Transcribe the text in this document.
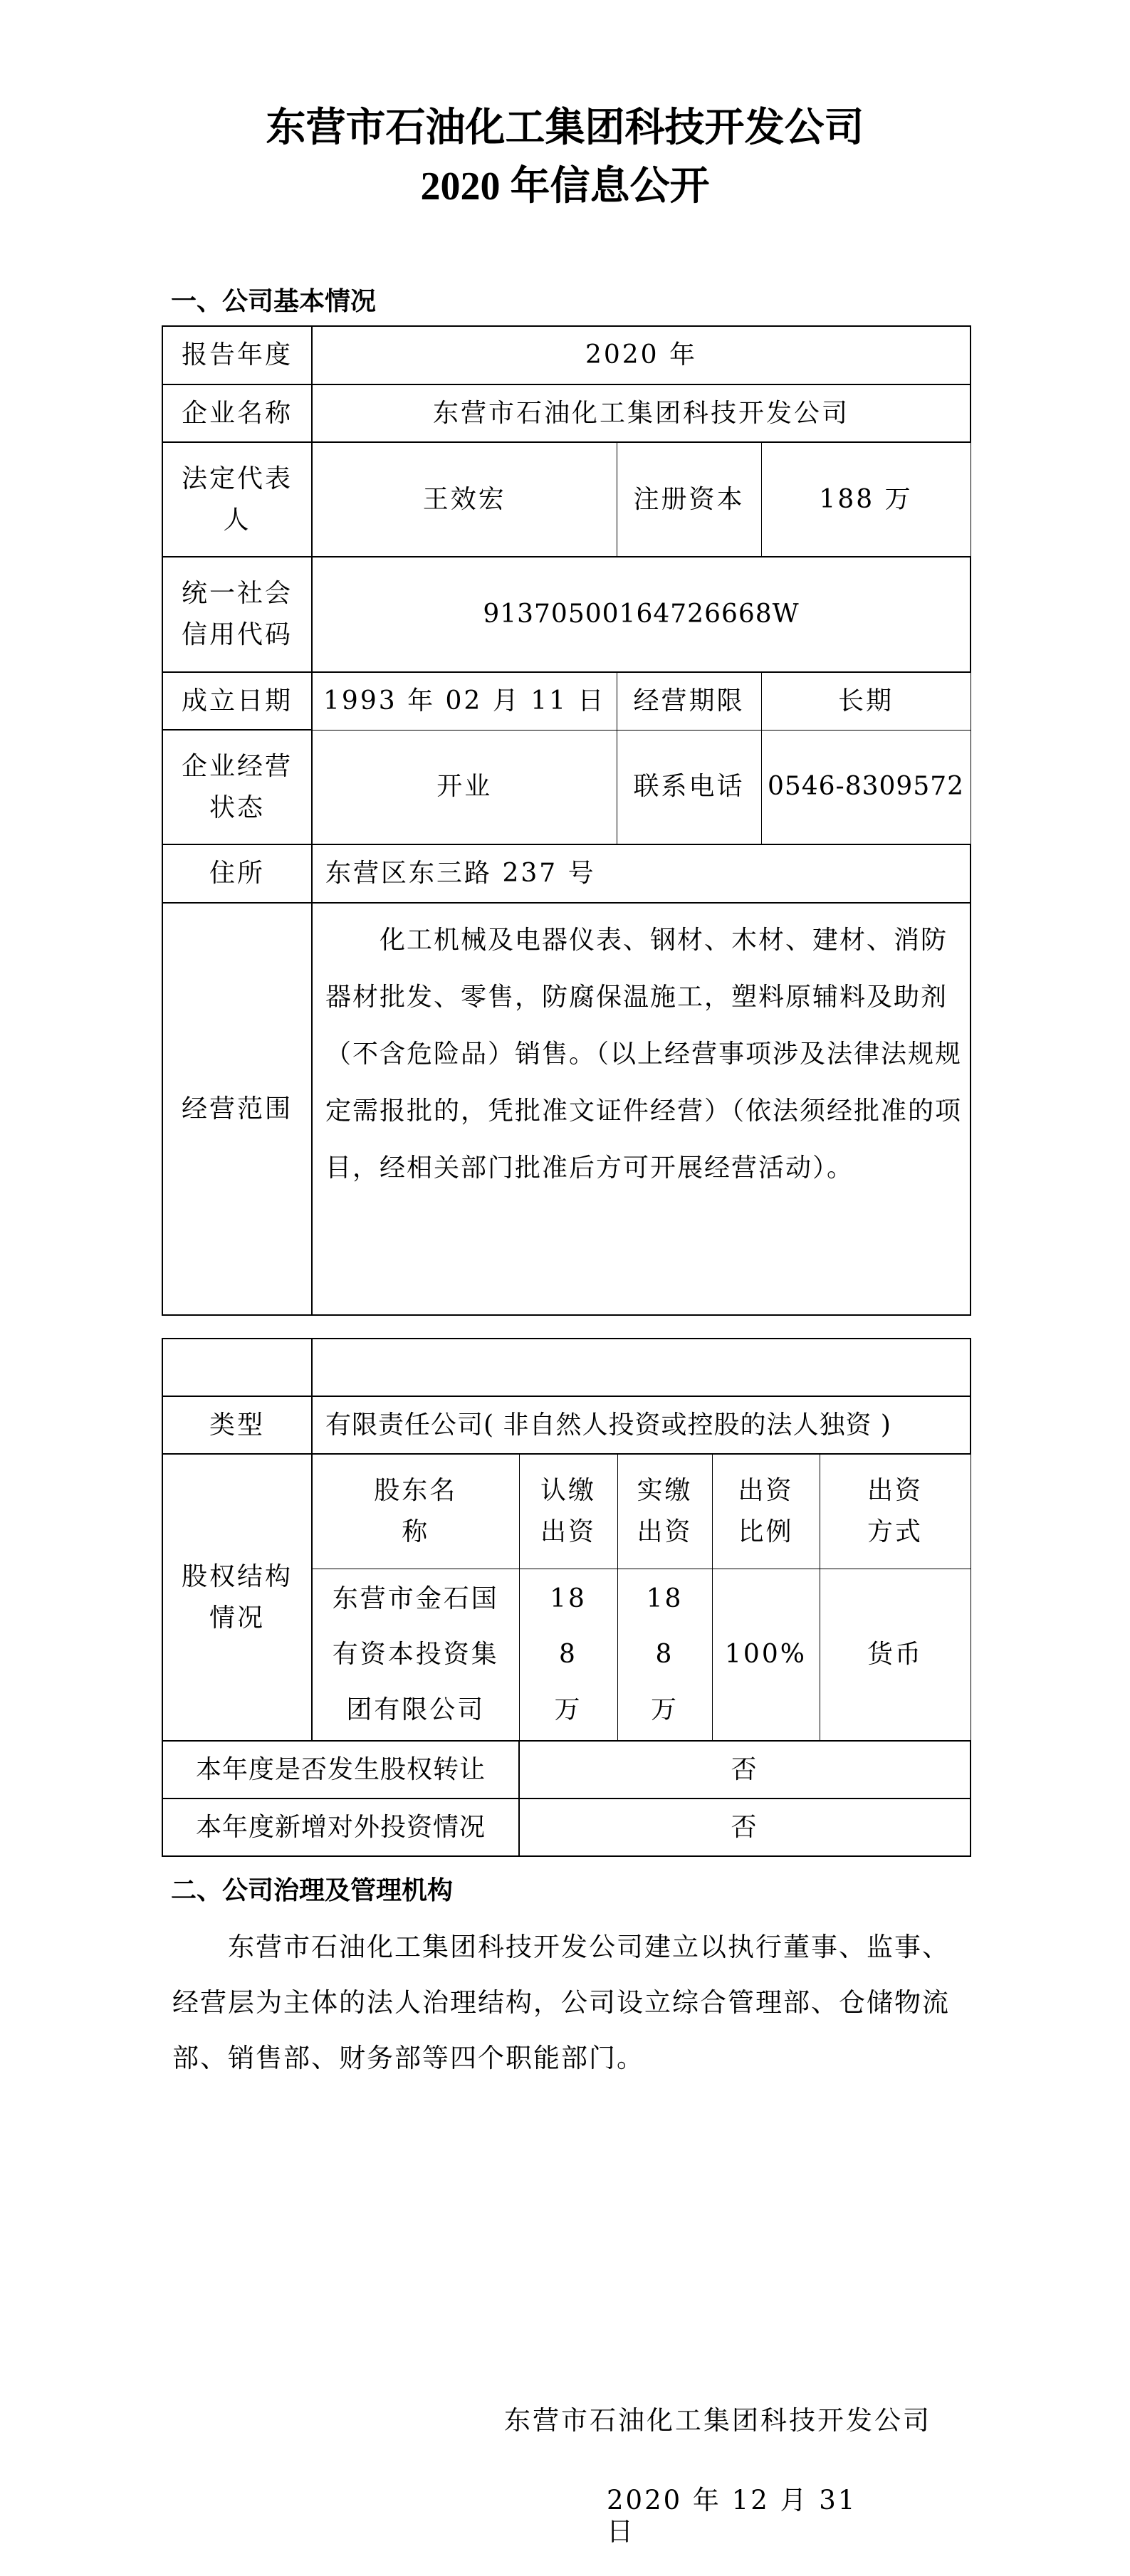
东营市石油化工集团科技开发公司
2020 年信息公开
一、公司基本情况
报告年度	2020 年		
企业名称	东营市石油化工集团科技开发公司		
法定代表人	王效宏	注册资本	188 万
统一社会信用代码	91370500164726668W		
成立日期	1993 年 02 月 11 日	经营期限	长期
企业经营状态	开业	联系电话	0546-8309572
住所	东营区东三路 237 号		
经营范围	化工机械及电器仪表、钢材、木材、建材、消防器材批发、零售，防腐保温施工，塑料原辅料及助剂（不含危险品）销售。（以上经营事项涉及法律法规规定需报批的，凭批准文证件经营）（依法须经批准的项目，经相关部门批准后方可开展经营活动）。		

类型	有限责任公司( 非自然人投资或控股的法人独资 )				
股权结构情况	股东名称	认缴出资	实缴出资	出资比例	出资方式
	东营市金石国有资本投资集团有限公司	188 万	188 万	100%	货币
本年度是否发生股权转让		否			
本年度新增对外投资情况		否			
二、公司治理及管理机构
东营市石油化工集团科技开发公司建立以执行董事、监事、经营层为主体的法人治理结构，公司设立综合管理部、仓储物流部、销售部、财务部等四个职能部门。
东营市石油化工集团科技开发公司
2020 年 12 月 31 日
